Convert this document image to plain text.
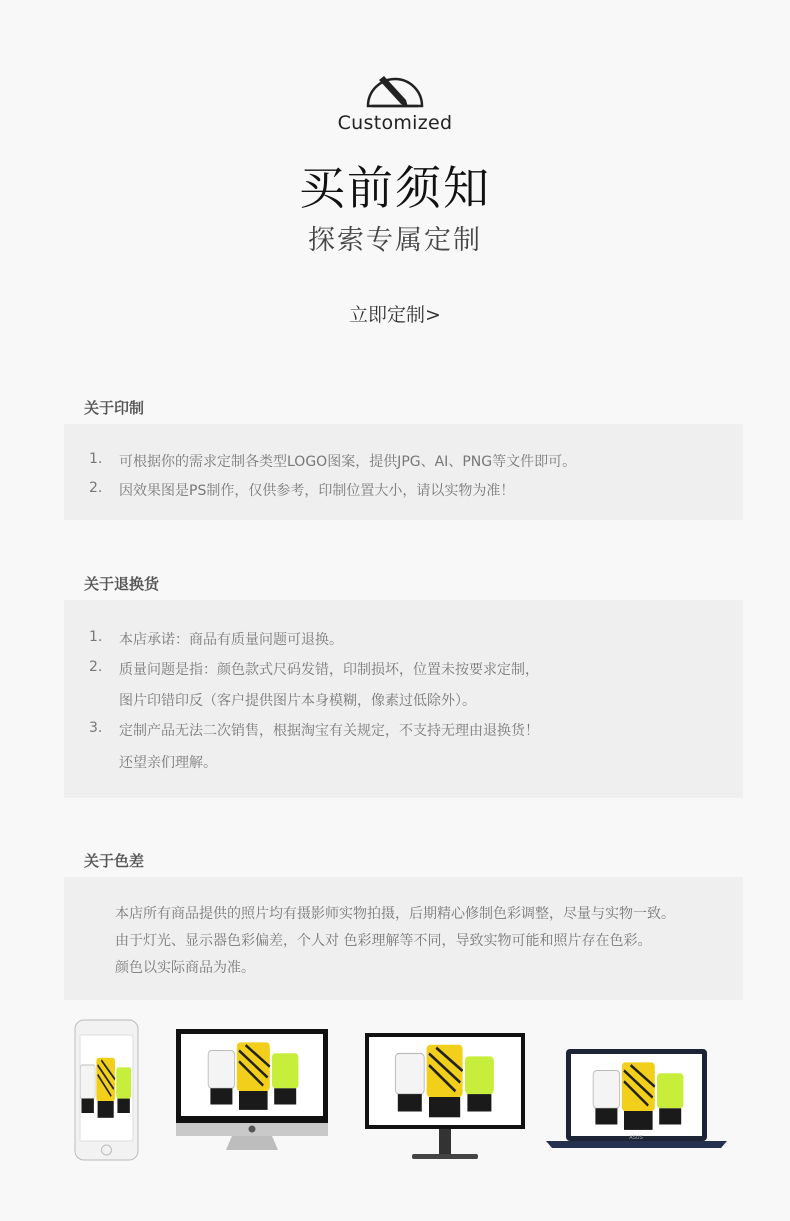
Customized
买前须知
探索专属定制
立即定制>
关于印制
1. 可根据你的需求定制各类型LOGO图案，提供JPG、AI、PNG等文件即可。
2. 因效果图是PS制作，仅供参考，印制位置大小，请以实物为准！
关于退换货
1. 本店承诺：商品有质量问题可退换。
2. 质量问题是指：颜色款式尺码发错，印制损坏，位置未按要求定制，
图片印错印反（客户提供图片本身模糊，像素过低除外）。
3. 定制产品无法二次销售，根据淘宝有关规定，不支持无理由退换货！
还望亲们理解。
关于色差
本店所有商品提供的照片均有摄影师实物拍摄，后期精心修制色彩调整，尽量与实物一致。
由于灯光、显示器色彩偏差，个人对 色彩理解等不同，导致实物可能和照片存在色彩。
颜色以实际商品为准。
ASUS
